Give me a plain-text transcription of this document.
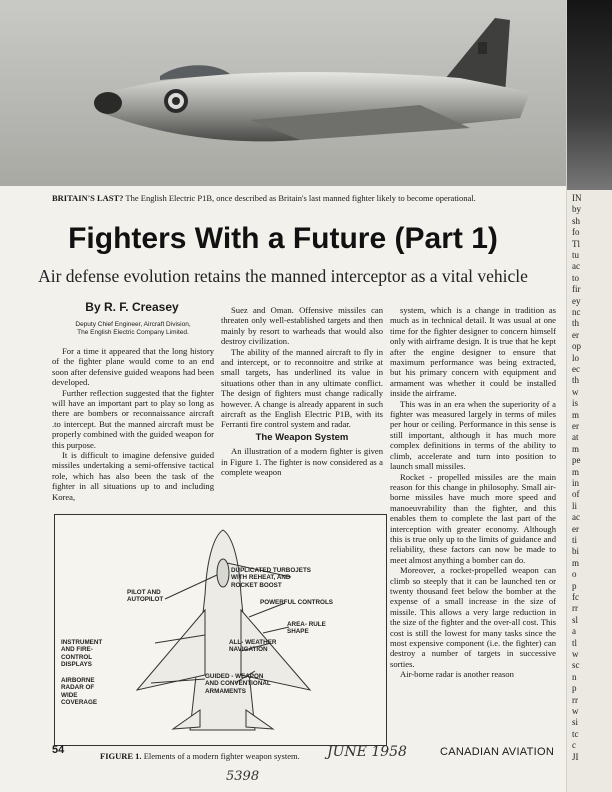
IN
by
sh
fo
Tl
tu
ac
to
fir
ey
nc
th
er
op
lo
ec
th
w
is
m
er
at
m
pe
m
in
of
li
ac
er
ti
bi
m
o
p
fc
rr
sl
a
tl
w
sc
n
p
rr
w
si
tc
c
JI
BRITAIN'S LAST? The English Electric P1B, once described as Britain's last manned fighter likely to become operational.
Fighters With a Future (Part 1)
Air defense evolution retains the manned interceptor as a vital vehicle
By R. F. Creasey
Deputy Chief Engineer, Aircraft Division,
The English Electric Company Limited.

For a time it appeared that the long history of the fighter plane would come to an end soon after defensive guided weapons had been developed.

Further reflection suggested that the fighter will have an important part to play so long as there are bombers or reconnaissance aircraft .to intercept. But the manned aircraft must be properly combined with the guided weapon for this purpose.

It is difficult to imagine defensive guided missiles undertaking a semi-offensive tactical role, which has also been the task of the fighter in all situations up to and including Korea,

Suez and Oman. Offensive missiles can threaten only well-established targets and then mainly by resort to warheads that would also destroy civilization.

The ability of the manned aircraft to fly in and intercept, or to reconnoitre and strike at small targets, has underlined its value in situations other than in any ultimate conflict. The design of fighters must change radically however. A change is already apparent in such aircraft as the English Electric P1B, with its Ferranti fire control system and radar.

The Weapon System

An illustration of a modern fighter is given in Figure 1. The fighter is now considered as a complete weapon

system, which is a change in tradition as much as in technical detail. It was usual at one time for the fighter designer to concern himself only with airframe design. It is true that he kept after the engine designer to ensure that maximum performance was being extracted, but his primary concern with equipment and armament was whether it could be installed inside the airframe.

This was in an era when the superiority of a fighter was measured largely in terms of miles per hour or ceiling. Performance in this sense is still important, although it has much more complex definitions in terms of the ability to climb, accelerate and turn into position to launch small missiles.

Rocket - propelled missiles are the main reason for this change in philosophy. Small air-borne missiles have much more speed and manoeuvrability than the fighter, and this enables them to complete the last part of the interception with greater economy. Although this is true only up to the limits of guidance and reliability, these factors can now be made to meet almost anything a bomber can do.

Moreover, a rocket-propelled weapon can climb so steeply that it can be launched ten or twenty thousand feet below the bomber at the expense of a small increase in the size of missile. This allows a very large reduction in the size of the fighter and the over-all cost. This cost is still the lowest for many tasks since the most expensive component (i.e. the fighter) can destroy a number of targets in successive sorties.

Air-borne radar is another reason

PILOT AND
AUTOPILOT
DUPLICATED TURBOJETS
WITH REHEAT, AND
ROCKET BOOST
POWERFUL CONTROLS
AREA- RULE
SHAPE
INSTRUMENT
AND FIRE-
CONTROL
DISPLAYS
ALL- WEATHER
NAVIGATION
AIRBORNE
RADAR OF
WIDE
COVERAGE
GUIDED - WEAPON
AND CONVENTIONAL
ARMAMENTS
FIGURE 1. Elements of a modern fighter weapon system.
54	JUNE 1958	CANADIAN AVIATION
5398
